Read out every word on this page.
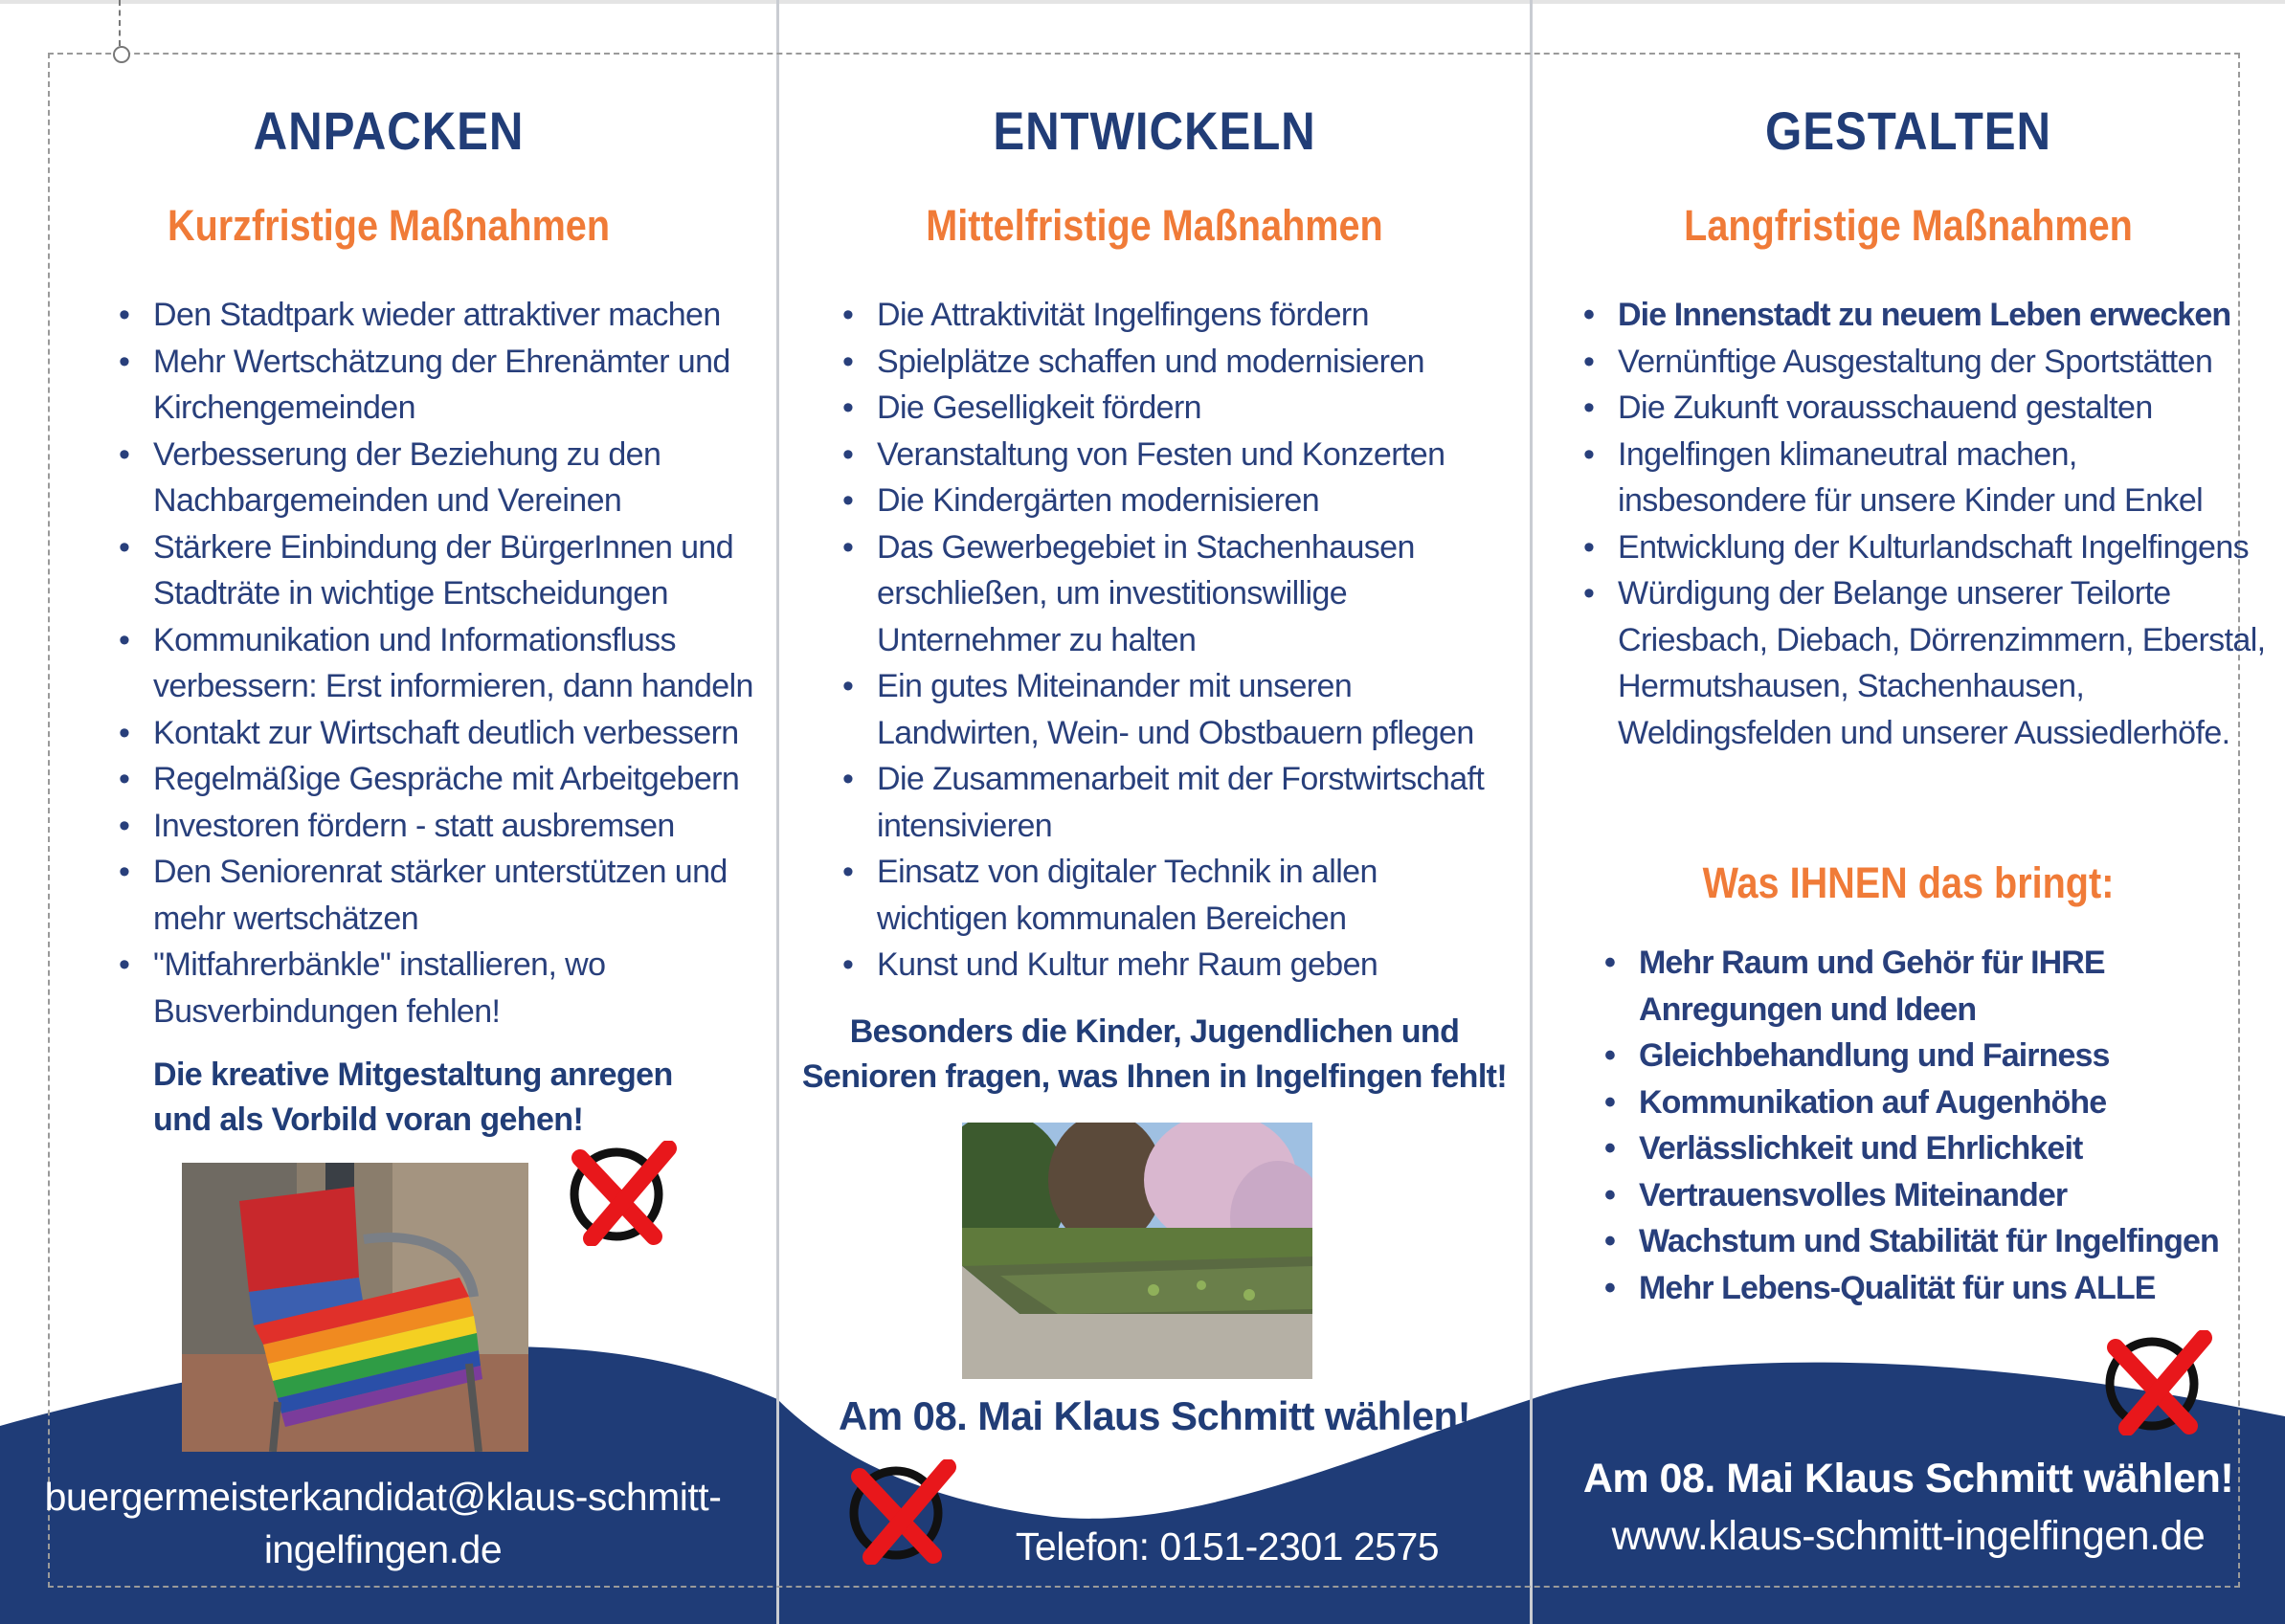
ANPACKEN
Kurzfristige Maßnahmen
• Den Stadtpark wieder attraktiver machen
• Mehr Wertschätzung der Ehrenämter und
Kirchengemeinden
• Verbesserung der Beziehung zu den
Nachbargemeinden und Vereinen
• Stärkere Einbindung der BürgerInnen und
Stadträte in wichtige Entscheidungen
• Kommunikation und Informationsfluss
verbessern: Erst informieren, dann handeln
• Kontakt zur Wirtschaft deutlich verbessern
• Regelmäßige Gespräche mit Arbeitgebern
• Investoren fördern - statt ausbremsen
• Den Seniorenrat stärker unterstützen und
mehr wertschätzen
• "Mitfahrerbänkle" installieren, wo
Busverbindungen fehlen!
Die kreative Mitgestaltung anregen
und als Vorbild voran gehen!
buergermeisterkandidat@klaus-schmitt-
ingelfingen.de
ENTWICKELN
Mittelfristige Maßnahmen
• Die Attraktivität Ingelfingens fördern
• Spielplätze schaffen und modernisieren
• Die Geselligkeit fördern
• Veranstaltung von Festen und Konzerten
• Die Kindergärten modernisieren
• Das Gewerbegebiet in Stachenhausen
erschließen, um investitionswillige
Unternehmer zu halten
• Ein gutes Miteinander mit unseren
Landwirten, Wein- und Obstbauern pflegen
• Die Zusammenarbeit mit der Forstwirtschaft
intensivieren
• Einsatz von digitaler Technik in allen
wichtigen kommunalen Bereichen
• Kunst und Kultur mehr Raum geben
Besonders die Kinder, Jugendlichen und
Senioren fragen, was Ihnen in Ingelfingen fehlt!
Am 08. Mai Klaus Schmitt wählen!
Telefon: 0151-2301 2575
GESTALTEN
Langfristige Maßnahmen
• Die Innenstadt zu neuem Leben erwecken
• Vernünftige Ausgestaltung der Sportstätten
• Die Zukunft vorausschauend gestalten
• Ingelfingen klimaneutral machen,
insbesondere für unsere Kinder und Enkel
• Entwicklung der Kulturlandschaft Ingelfingens
• Würdigung der Belange unserer Teilorte
Criesbach, Diebach, Dörrenzimmern, Eberstal,
Hermutshausen, Stachenhausen,
Weldingsfelden und unserer Aussiedlerhöfe.
Was IHNEN das bringt:
• Mehr Raum und Gehör für IHRE
Anregungen und Ideen
• Gleichbehandlung und Fairness
• Kommunikation auf Augenhöhe
• Verlässlichkeit und Ehrlichkeit
• Vertrauensvolles Miteinander
• Wachstum und Stabilität für Ingelfingen
• Mehr Lebens-Qualität für uns ALLE
Am 08. Mai Klaus Schmitt wählen!
www.klaus-schmitt-ingelfingen.de
